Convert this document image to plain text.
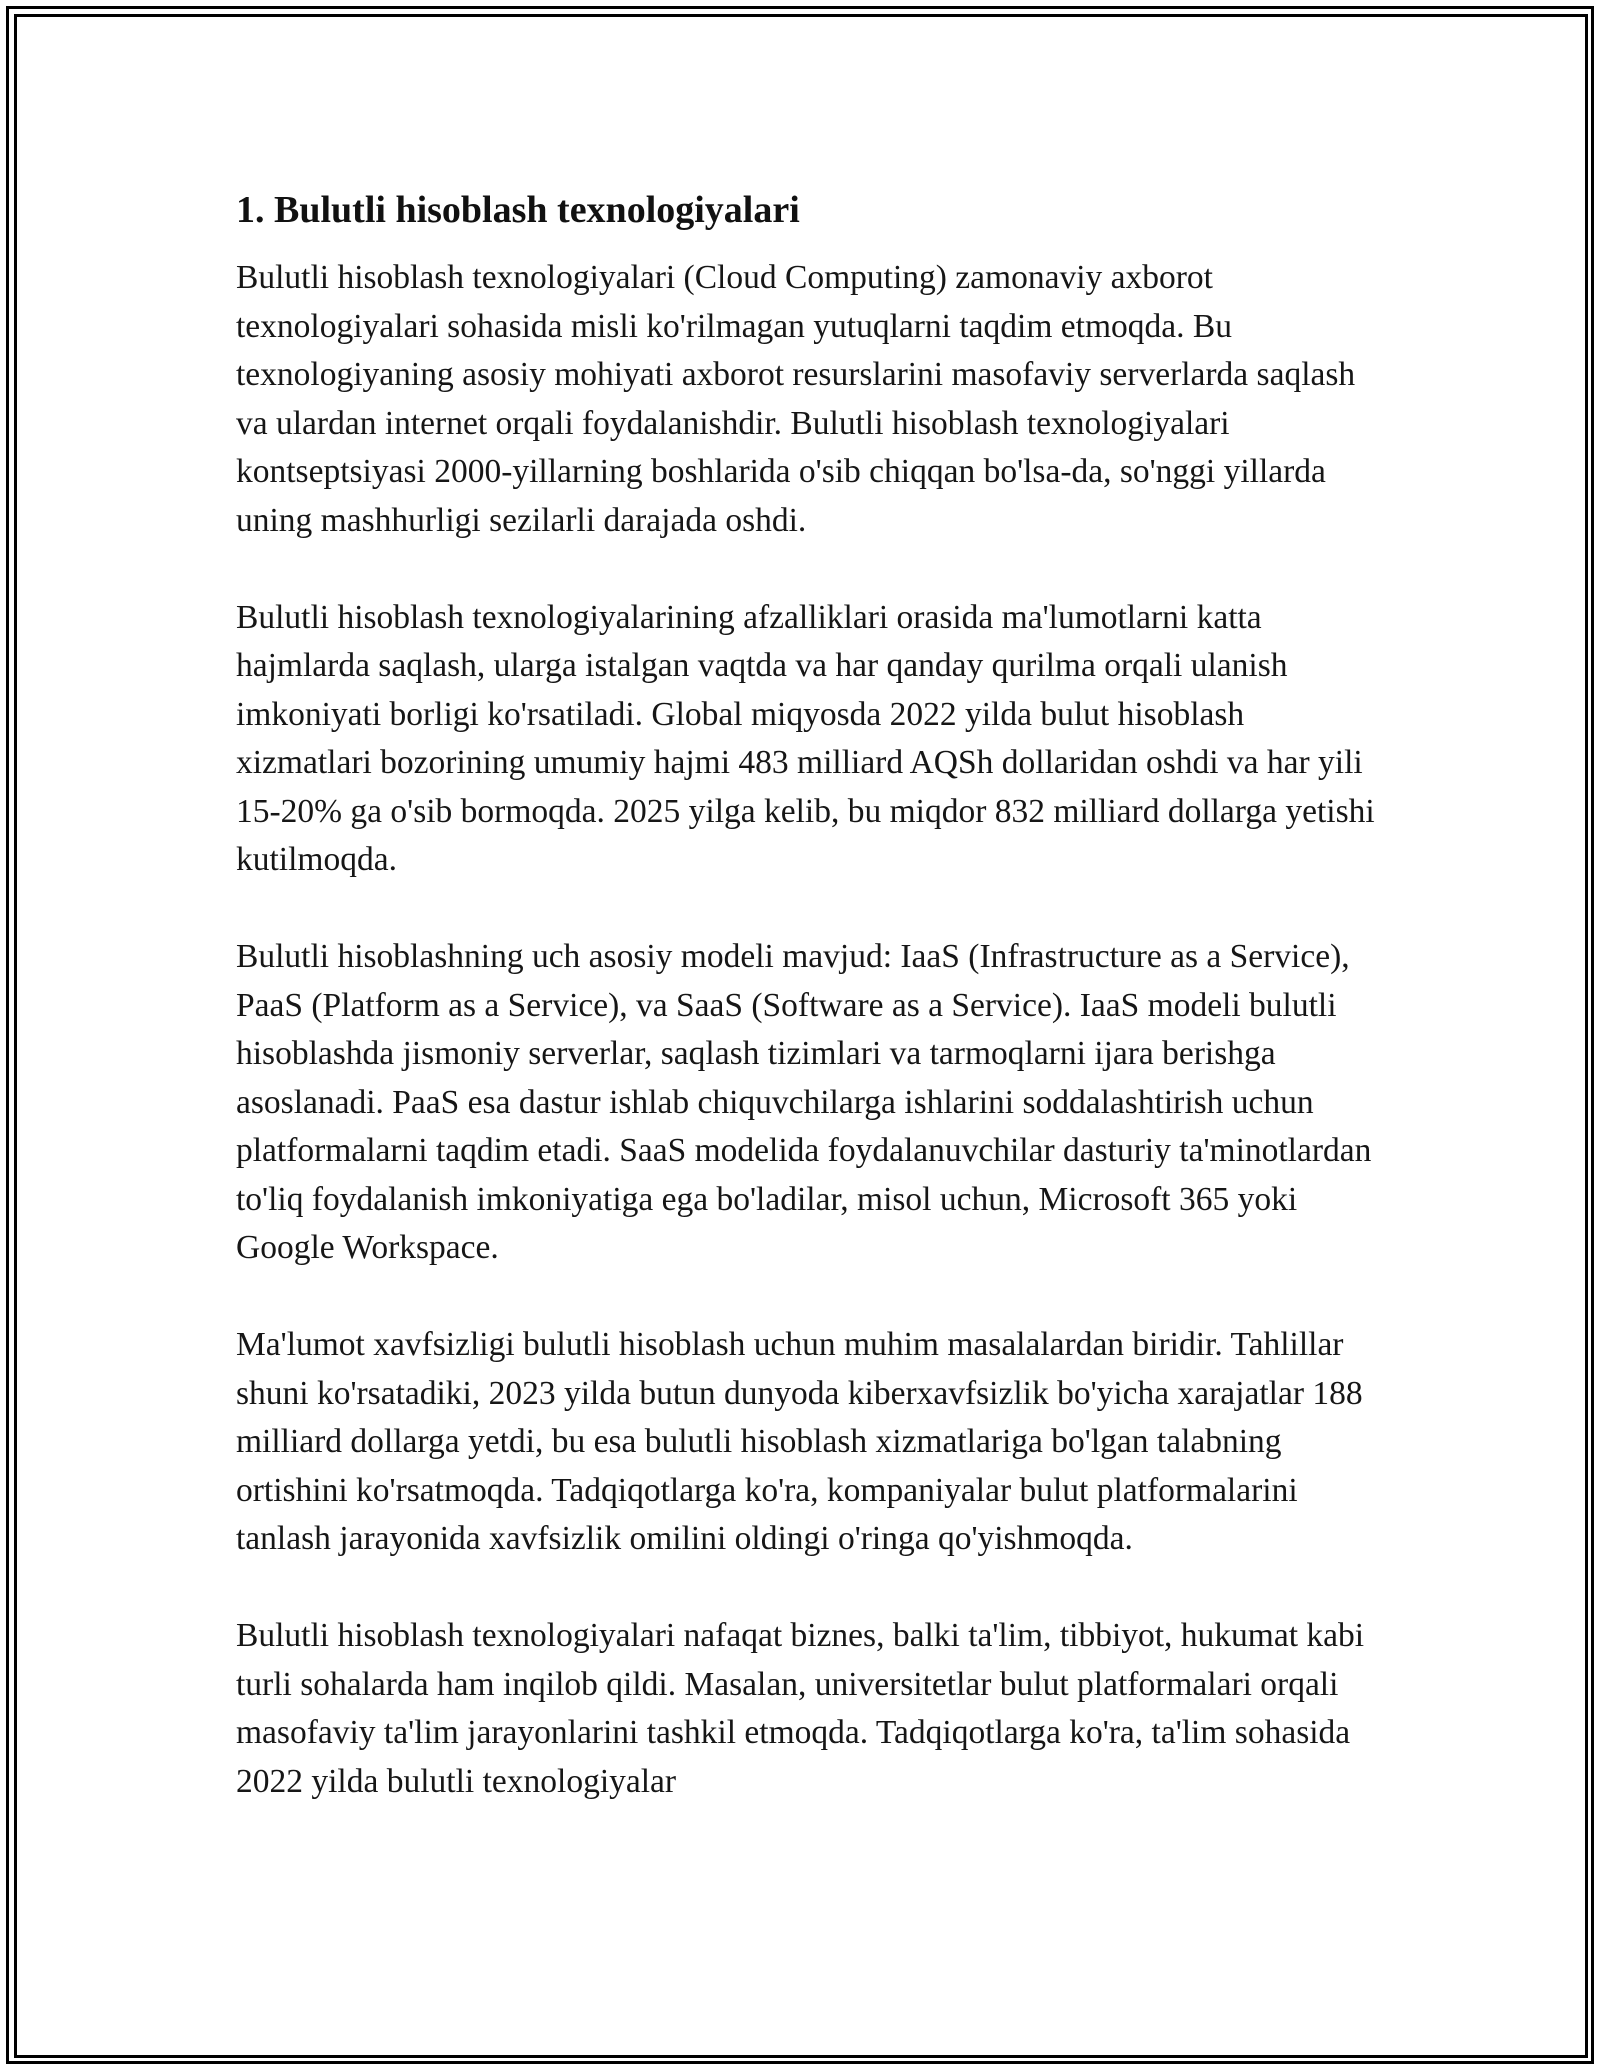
1. Bulutli hisoblash texnologiyalari

Bulutli hisoblash texnologiyalari (Cloud Computing) zamonaviy axborot texnologiyalari sohasida misli ko'rilmagan yutuqlarni taqdim etmoqda. Bu texnologiyaning asosiy mohiyati axborot resurslarini masofaviy serverlarda saqlash va ulardan internet orqali foydalanishdir. Bulutli hisoblash texnologiyalari kontseptsiyasi 2000-yillarning boshlarida o'sib chiqqan bo'lsa-da, so'nggi yillarda uning mashhurligi sezilarli darajada oshdi.

Bulutli hisoblash texnologiyalarining afzalliklari orasida ma'lumotlarni katta hajmlarda saqlash, ularga istalgan vaqtda va har qanday qurilma orqali ulanish imkoniyati borligi ko'rsatiladi. Global miqyosda 2022 yilda bulut hisoblash xizmatlari bozorining umumiy hajmi 483 milliard AQSh dollaridan oshdi va har yili 15-20% ga o'sib bormoqda. 2025 yilga kelib, bu miqdor 832 milliard dollarga yetishi kutilmoqda.

Bulutli hisoblashning uch asosiy modeli mavjud: IaaS (Infrastructure as a Service), PaaS (Platform as a Service), va SaaS (Software as a Service). IaaS modeli bulutli hisoblashda jismoniy serverlar, saqlash tizimlari va tarmoqlarni ijara berishga asoslanadi. PaaS esa dastur ishlab chiquvchilarga ishlarini soddalashtirish uchun platformalarni taqdim etadi. SaaS modelida foydalanuvchilar dasturiy ta'minotlardan to'liq foydalanish imkoniyatiga ega bo'ladilar, misol uchun, Microsoft 365 yoki Google Workspace.

Ma'lumot xavfsizligi bulutli hisoblash uchun muhim masalalardan biridir. Tahlillar shuni ko'rsatadiki, 2023 yilda butun dunyoda kiberxavfsizlik bo'yicha xarajatlar 188 milliard dollarga yetdi, bu esa bulutli hisoblash xizmatlariga bo'lgan talabning ortishini ko'rsatmoqda. Tadqiqotlarga ko'ra, kompaniyalar bulut platformalarini tanlash jarayonida xavfsizlik omilini oldingi o'ringa qo'yishmoqda.

Bulutli hisoblash texnologiyalari nafaqat biznes, balki ta'lim, tibbiyot, hukumat kabi turli sohalarda ham inqilob qildi. Masalan, universitetlar bulut platformalari orqali masofaviy ta'lim jarayonlarini tashkil etmoqda. Tadqiqotlarga ko'ra, ta'lim sohasida 2022 yilda bulutli texnologiyalar
